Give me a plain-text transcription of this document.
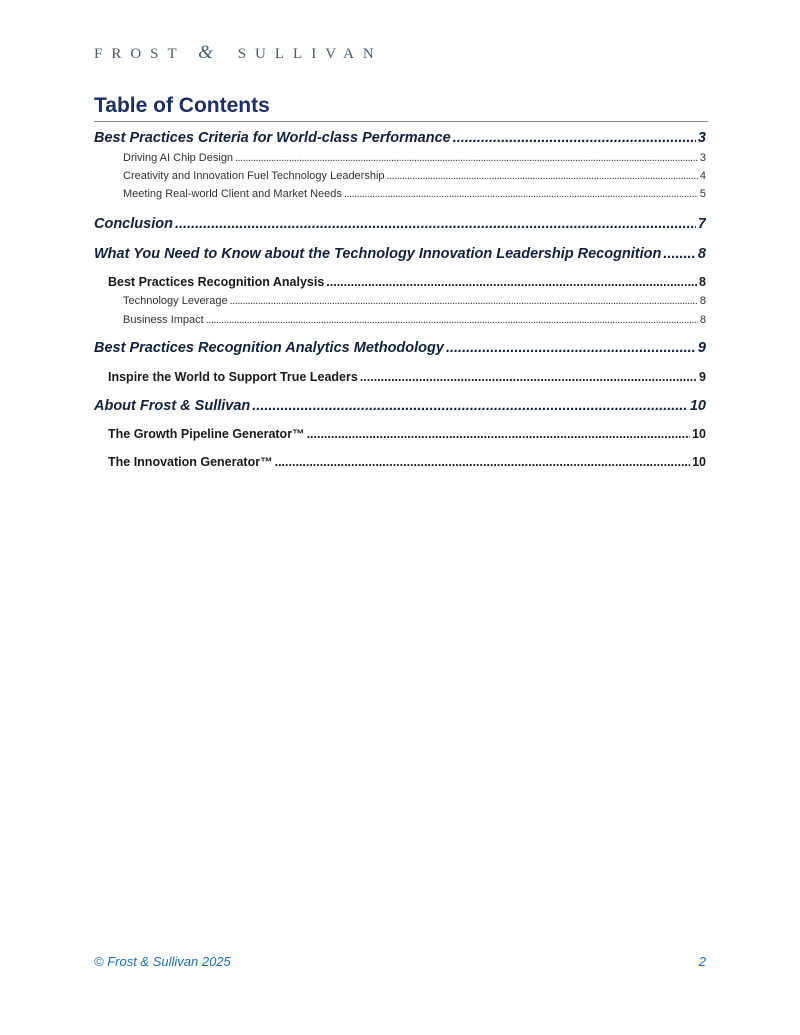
FROST & SULLIVAN
Table of Contents
Best Practices Criteria for World-class Performance .....	3
Driving AI Chip Design .....	3
Creativity and Innovation Fuel Technology Leadership .....	4
Meeting Real-world Client and Market Needs .....	5
Conclusion .....	7
What You Need to Know about the Technology Innovation Leadership Recognition .....	8
Best Practices Recognition Analysis .....	8
Technology Leverage .....	8
Business Impact .....	8
Best Practices Recognition Analytics Methodology .....	9
Inspire the World to Support True Leaders .....	9
About Frost & Sullivan .....	10
The Growth Pipeline Generator™ .....	10
The Innovation Generator™ .....	10
© Frost & Sullivan 2025	2
